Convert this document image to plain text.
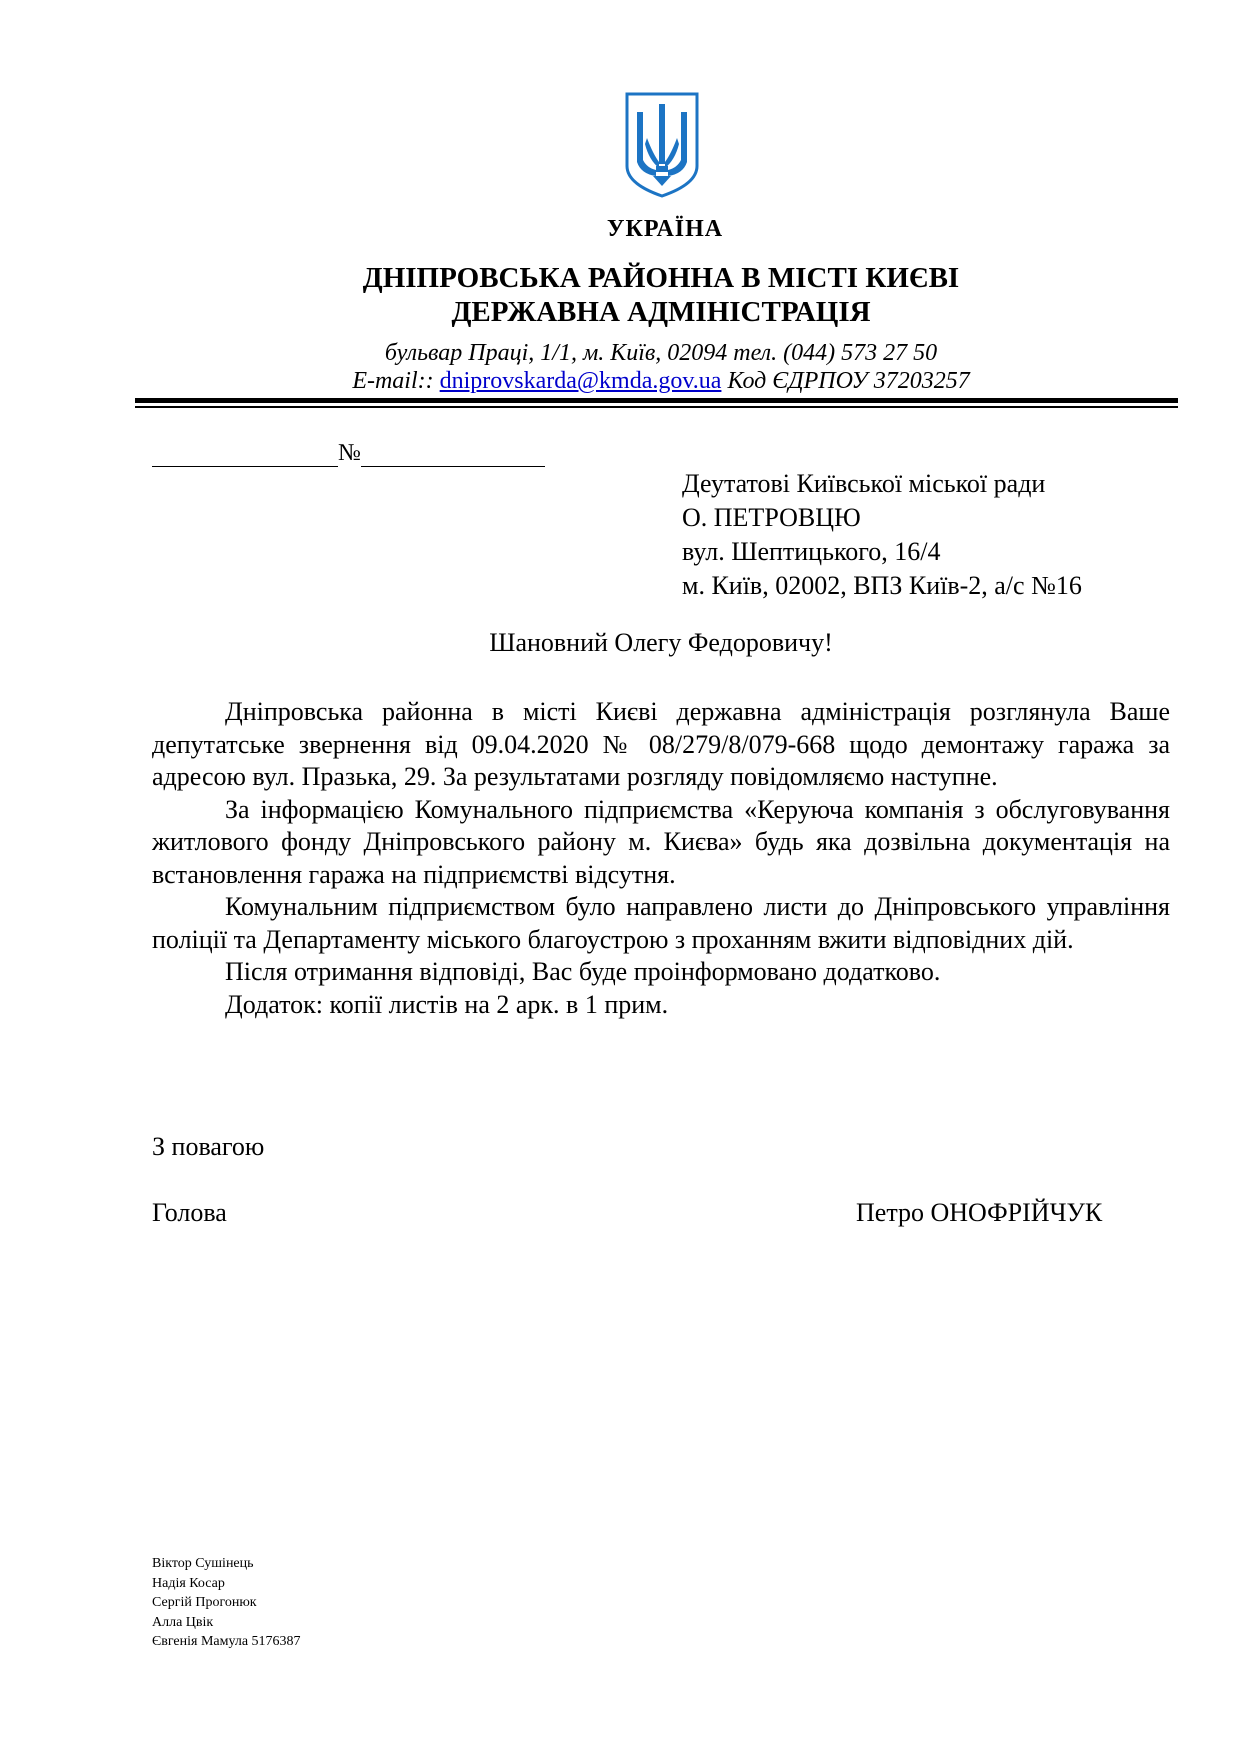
УКРАЇНА
ДНІПРОВСЬКА РАЙОННА В МІСТІ КИЄВІ
ДЕРЖАВНА АДМІНІСТРАЦІЯ
бульвар Праці, 1/1, м. Київ, 02094 тел. (044) 573 27 50
E-mail:: dniprovskarda@kmda.gov.ua Код ЄДРПОУ 37203257
№
Деутатові Київської міської ради
О. ПЕТРОВЦЮ
вул. Шептицького, 16/4
м. Київ, 02002, ВПЗ Київ-2, а/с №16
Шановний Олегу Федоровичу!

Дніпровська районна в місті Києві державна адміністрація розглянула Ваше депутатське звернення від 09.04.2020 № 08/279/8/079-668 щодо демонтажу гаража за адресою вул. Празька, 29. За результатами розгляду повідомляємо наступне.

За інформацією Комунального підприємства «Керуюча компанія з обслуговування житлового фонду Дніпровського району м. Києва» будь яка дозвільна документація на встановлення гаража на підприємстві відсутня.

Комунальним підприємством було направлено листи до Дніпровського управління поліції та Департаменту міського благоустрою з проханням вжити відповідних дій.

Після отримання відповіді, Вас буде проінформовано додатково.

Додаток: копії листів на 2 арк. в 1 прим.

З повагою
Голова	Петро ОНОФРІЙЧУК
Віктор Сушінець
Надія Косар
Сергій Прогонюк
Алла Цвік
Євгенія Мамула 5176387
